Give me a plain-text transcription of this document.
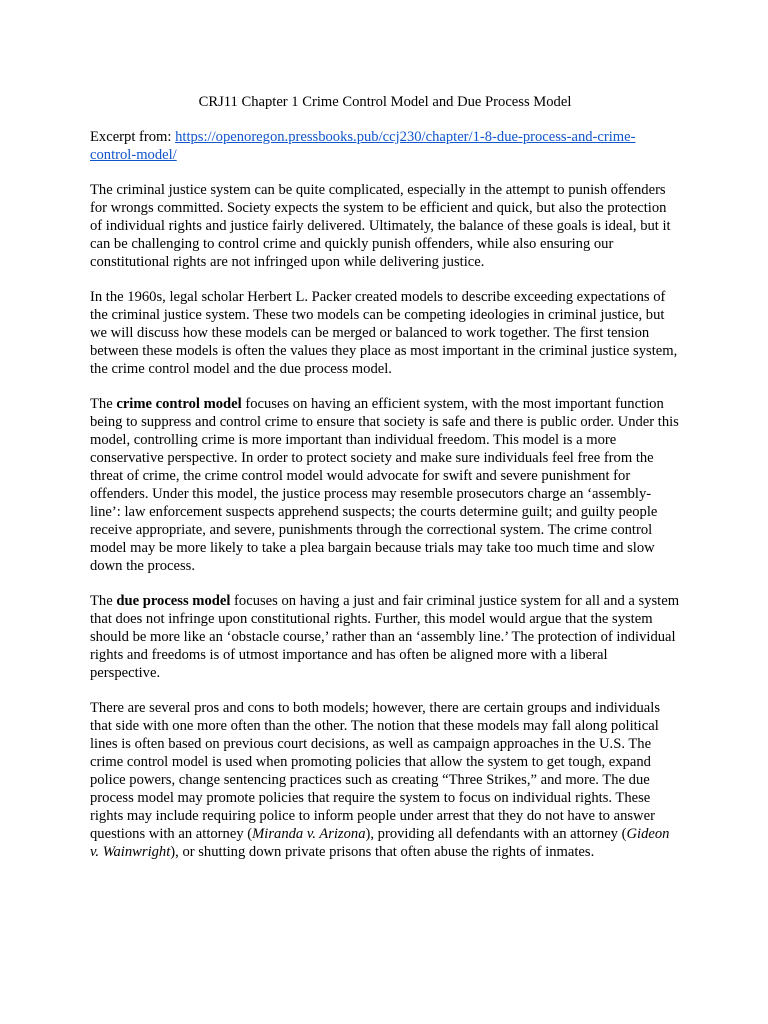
CRJ11 Chapter 1 Crime Control Model and Due Process Model

Excerpt from: https://openoregon.pressbooks.pub/ccj230/chapter/1-8-due-process-and-crime-control-model/

The criminal justice system can be quite complicated, especially in the attempt to punish offenders for wrongs committed. Society expects the system to be efficient and quick, but also the protection of individual rights and justice fairly delivered. Ultimately, the balance of these goals is ideal, but it can be challenging to control crime and quickly punish offenders, while also ensuring our constitutional rights are not infringed upon while delivering justice.

In the 1960s, legal scholar Herbert L. Packer created models to describe exceeding expectations of the criminal justice system. These two models can be competing ideologies in criminal justice, but we will discuss how these models can be merged or balanced to work together. The first tension between these models is often the values they place as most important in the criminal justice system, the crime control model and the due process model.

The crime control model focuses on having an efficient system, with the most important function being to suppress and control crime to ensure that society is safe and there is public order. Under this model, controlling crime is more important than individual freedom. This model is a more conservative perspective. In order to protect society and make sure individuals feel free from the threat of crime, the crime control model would advocate for swift and severe punishment for offenders. Under this model, the justice process may resemble prosecutors charge an ‘assembly-line’: law enforcement suspects apprehend suspects; the courts determine guilt; and guilty people receive appropriate, and severe, punishments through the correctional system. The crime control model may be more likely to take a plea bargain because trials may take too much time and slow down the process.

The due process model focuses on having a just and fair criminal justice system for all and a system that does not infringe upon constitutional rights. Further, this model would argue that the system should be more like an ‘obstacle course,’ rather than an ‘assembly line.’ The protection of individual rights and freedoms is of utmost importance and has often be aligned more with a liberal perspective.

There are several pros and cons to both models; however, there are certain groups and individuals that side with one more often than the other. The notion that these models may fall along political lines is often based on previous court decisions, as well as campaign approaches in the U.S. The crime control model is used when promoting policies that allow the system to get tough, expand police powers, change sentencing practices such as creating “Three Strikes,” and more. The due process model may promote policies that require the system to focus on individual rights. These rights may include requiring police to inform people under arrest that they do not have to answer questions with an attorney (Miranda v. Arizona), providing all defendants with an attorney (Gideon v. Wainwright), or shutting down private prisons that often abuse the rights of inmates.
